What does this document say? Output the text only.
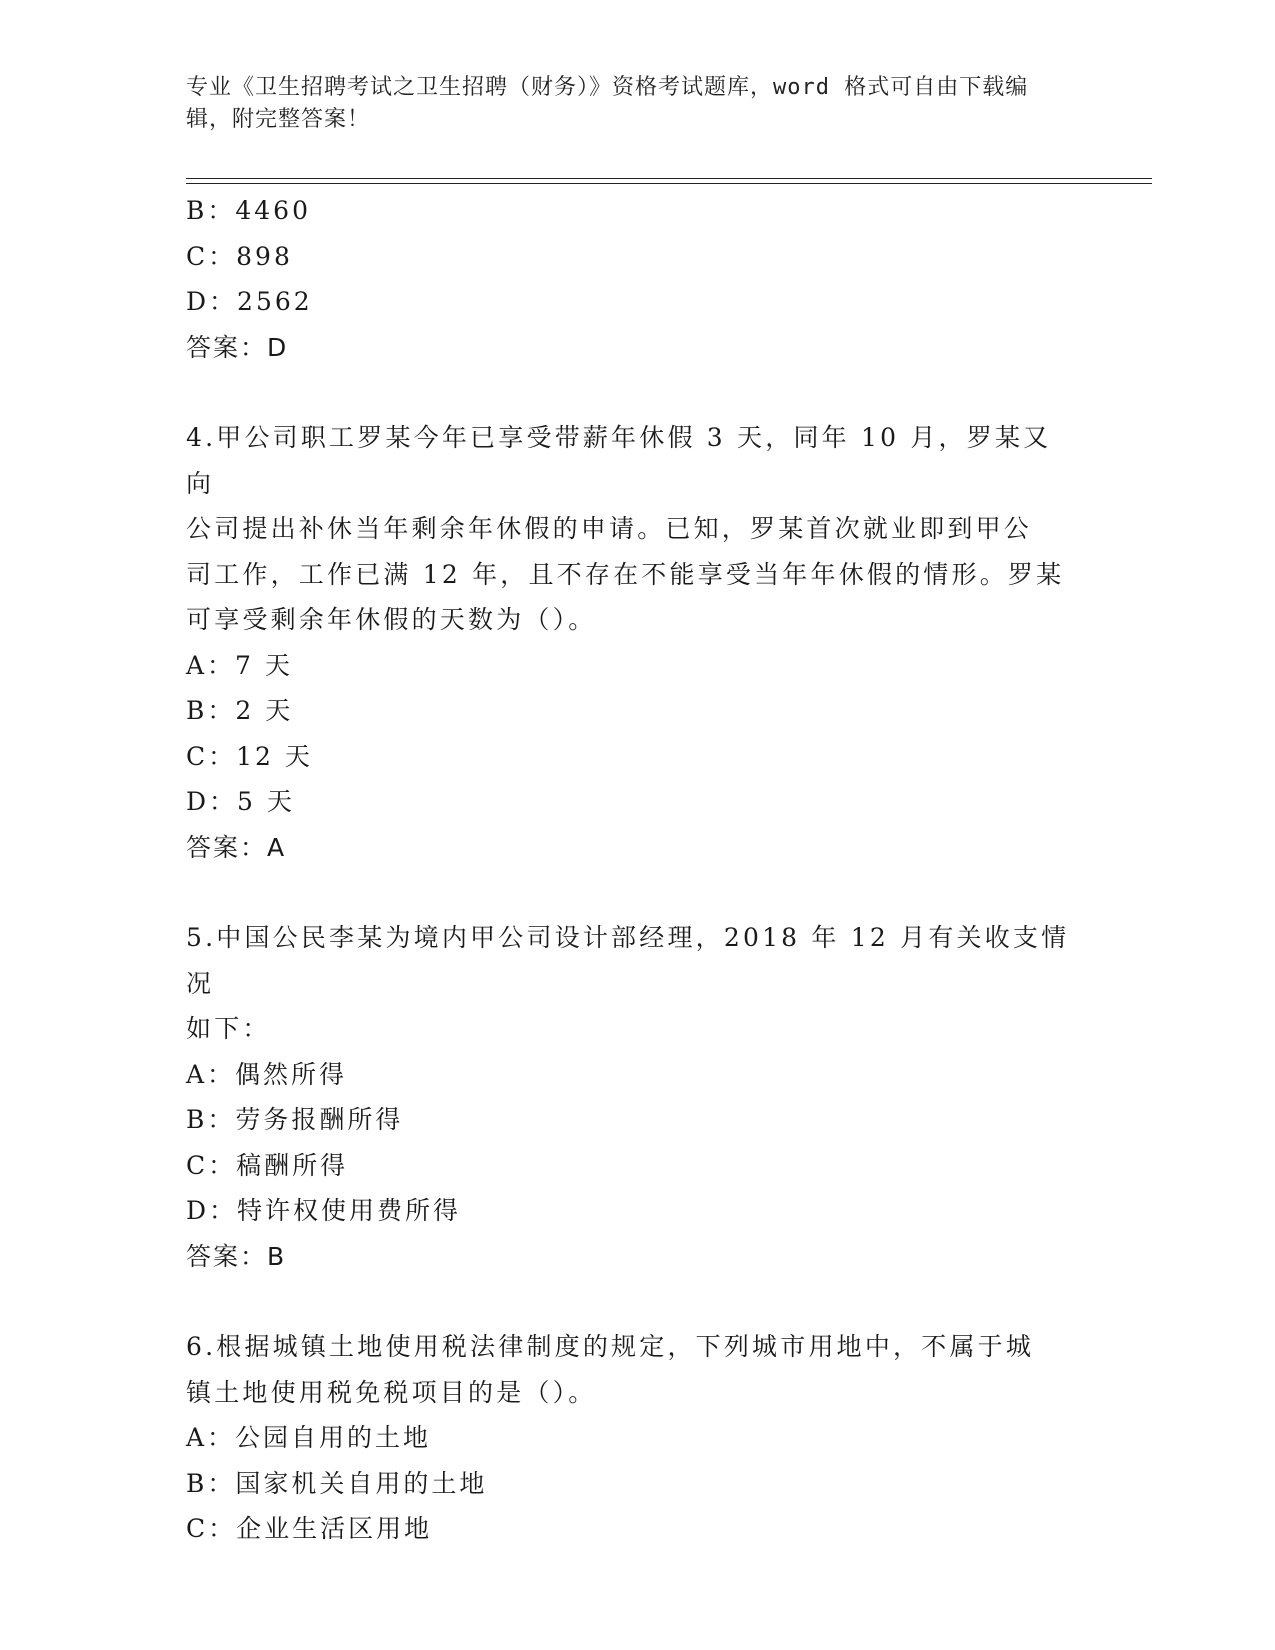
专业《卫生招聘考试之卫生招聘（财务）》资格考试题库，word 格式可自由下载编辑，附完整答案！
B：4460
C：898
D：2562
答案：D
4.甲公司职工罗某今年已享受带薪年休假 3 天，同年 10 月，罗某又向
公司提出补休当年剩余年休假的申请。已知，罗某首次就业即到甲公
司工作，工作已满 12 年，且不存在不能享受当年年休假的情形。罗某
可享受剩余年休假的天数为（）。
A：7 天
B：2 天
C：12 天
D：5 天
答案：A
5.中国公民李某为境内甲公司设计部经理，2018 年 12 月有关收支情况
如下：
A：偶然所得
B：劳务报酬所得
C：稿酬所得
D：特许权使用费所得
答案：B
6.根据城镇土地使用税法律制度的规定，下列城市用地中，不属于城
镇土地使用税免税项目的是（）。
A：公园自用的土地
B：国家机关自用的土地
C：企业生活区用地
